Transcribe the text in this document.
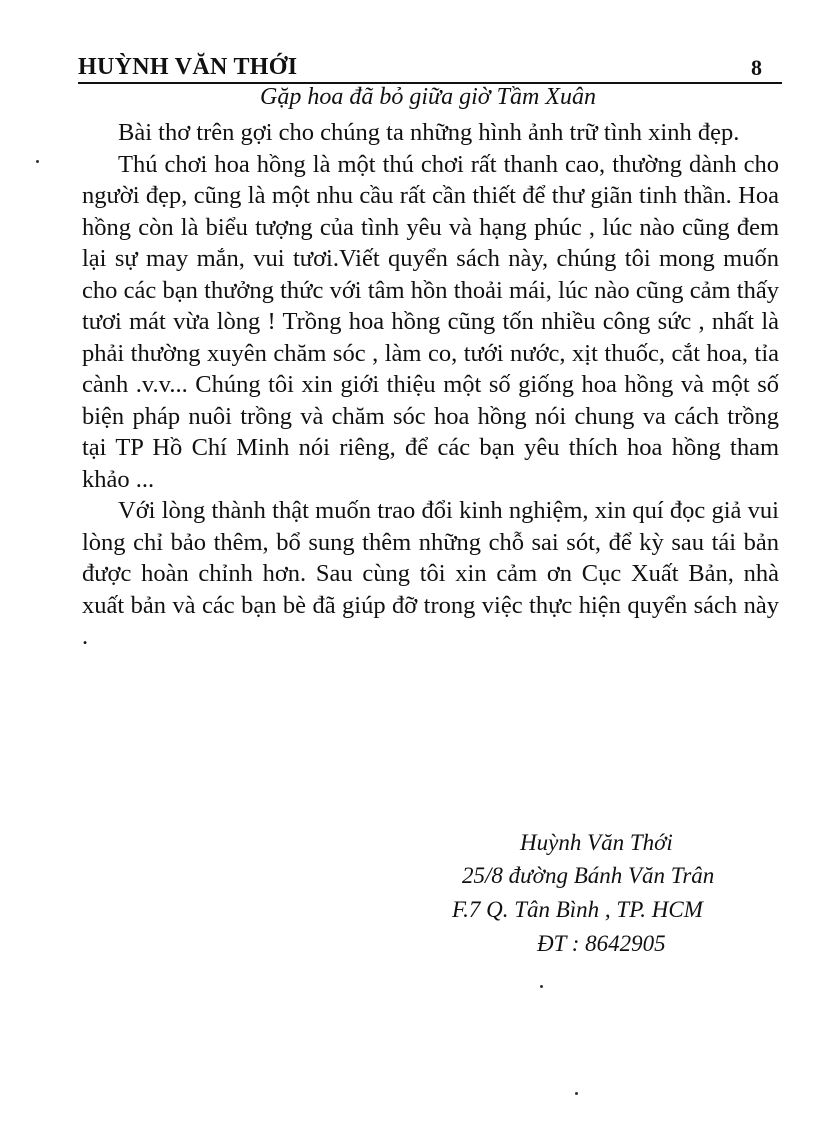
HUỲNH VĂN THỚI	8
Gặp hoa đã bỏ giữa giờ Tầm Xuân

Bài thơ trên gợi cho chúng ta những hình ảnh trữ tình xinh đẹp.

Thú chơi hoa hồng là một thú chơi rất thanh cao, thường dành cho người đẹp, cũng là một nhu cầu rất cần thiết để thư giãn tinh thần. Hoa hồng còn là biểu tượng của tình yêu và hạng phúc , lúc nào cũng đem lại sự may mắn, vui tươi.Viết quyển sách này, chúng tôi mong muốn cho các bạn thưởng thức với tâm hồn thoải mái, lúc nào cũng cảm thấy tươi mát vừa lòng ! Trồng hoa hồng cũng tốn nhiều công sức , nhất là phải thường xuyên chăm sóc , làm co, tưới nước, xịt thuốc, cắt hoa, tỉa cành .v.v... Chúng tôi xin giới thiệu một số giống hoa hồng và một số biện pháp nuôi trồng và chăm sóc hoa hồng nói chung va cách trồng tại TP Hồ Chí Minh nói riêng, để các bạn yêu thích hoa hồng tham khảo ...

Với lòng thành thật muốn trao đổi kinh nghiệm, xin quí đọc giả vui lòng chỉ bảo thêm, bổ sung thêm những chỗ sai sót, để kỳ sau tái bản được hoàn chỉnh hơn. Sau cùng tôi xin cảm ơn Cục Xuất Bản, nhà xuất bản và các bạn bè đã giúp đỡ trong việc thực hiện quyển sách này .

Huỳnh Văn Thới
25/8 đường Bánh Văn Trân
F.7 Q. Tân Bình , TP. HCM
ĐT : 8642905
